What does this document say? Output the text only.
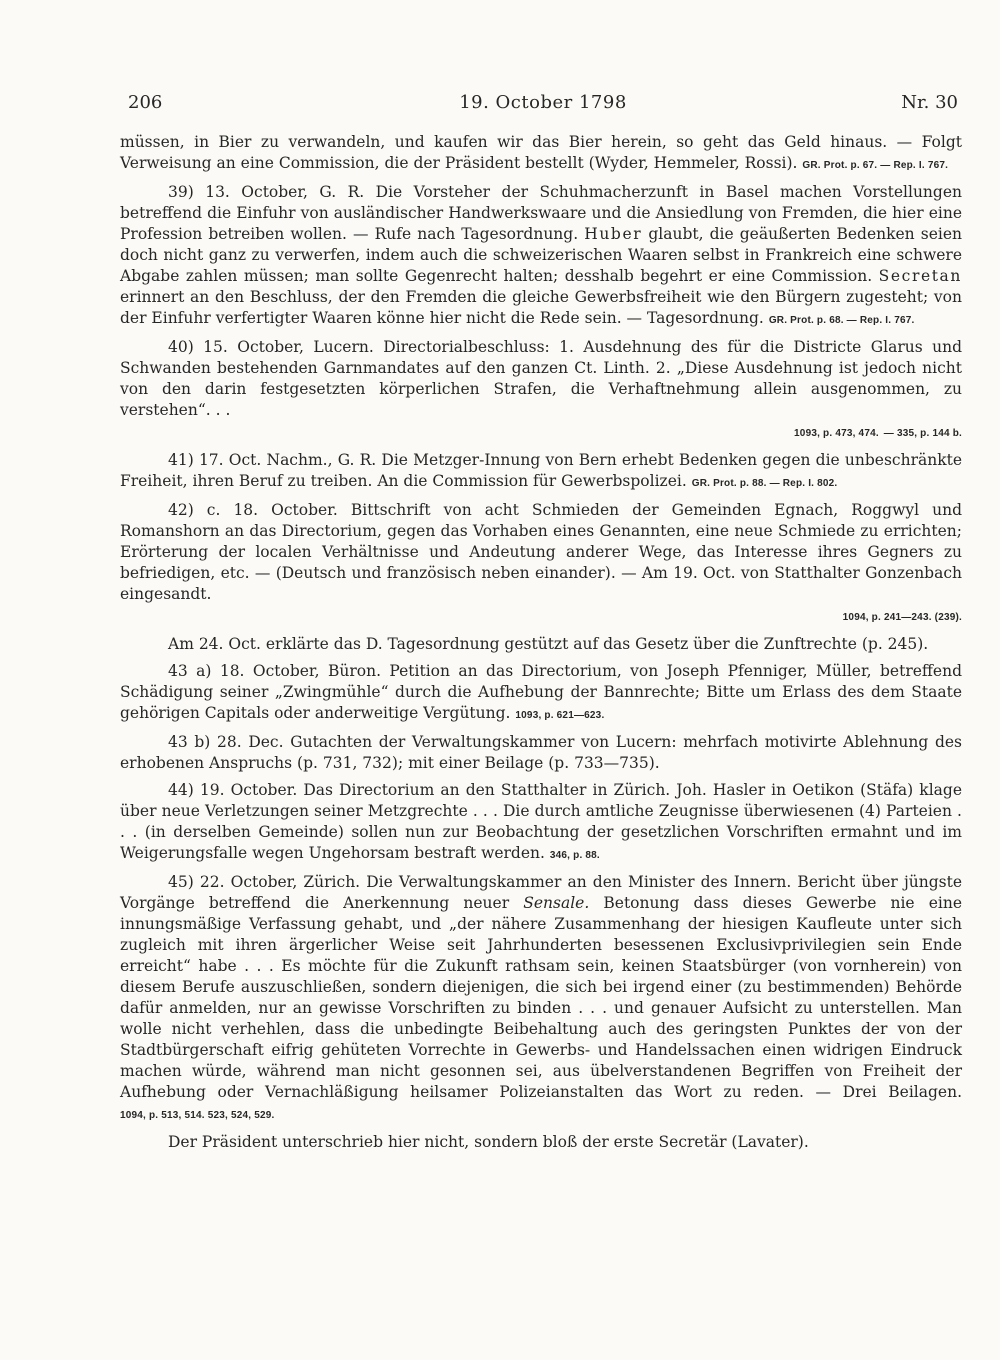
19. October 1798
206	Nr. 30

müssen, in Bier zu verwandeln, und kaufen wir das Bier herein, so geht das Geld hinaus. — Folgt Verweisung an eine Commission, die der Präsident bestellt (Wyder, Hemmeler, Rossi). GR. Prot. p. 67. — Rep. I. 767.

39) 13. October, G. R. Die Vorsteher der Schuhmacherzunft in Basel machen Vorstellungen betreffend die Einfuhr von ausländischer Handwerkswaare und die Ansiedlung von Fremden, die hier eine Profession betreiben wollen. — Rufe nach Tagesordnung. Huber glaubt, die geäußerten Bedenken seien doch nicht ganz zu verwerfen, indem auch die schweizerischen Waaren selbst in Frankreich eine schwere Abgabe zahlen müssen; man sollte Gegenrecht halten; desshalb begehrt er eine Commission. Secretan erinnert an den Beschluss, der den Fremden die gleiche Gewerbsfreiheit wie den Bürgern zugesteht; von der Einfuhr verfertigter Waaren könne hier nicht die Rede sein. — Tagesordnung. GR. Prot. p. 68. — Rep. I. 767.

40) 15. October, Lucern. Directorialbeschluss: 1. Ausdehnung des für die Districte Glarus und Schwanden bestehenden Garnmandates auf den ganzen Ct. Linth. 2. „Diese Ausdehnung ist jedoch nicht von den darin festgesetzten körperlichen Strafen, die Verhaftnehmung allein ausgenommen, zu verstehen“. . .
1093, p. 473, 474. — 335, p. 144 b.

41) 17. Oct. Nachm., G. R. Die Metzger-Innung von Bern erhebt Bedenken gegen die unbeschränkte Freiheit, ihren Beruf zu treiben. An die Commission für Gewerbspolizei. GR. Prot. p. 88. — Rep. I. 802.

42) c. 18. October. Bittschrift von acht Schmieden der Gemeinden Egnach, Roggwyl und Romanshorn an das Directorium, gegen das Vorhaben eines Genannten, eine neue Schmiede zu errichten; Erörterung der localen Verhältnisse und Andeutung anderer Wege, das Interesse ihres Gegners zu befriedigen, etc. — (Deutsch und französisch neben einander). — Am 19. Oct. von Statthalter Gonzenbach eingesandt.
1094, p. 241—243. (239).

Am 24. Oct. erklärte das D. Tagesordnung gestützt auf das Gesetz über die Zunftrechte (p. 245).

43 a) 18. October, Büron. Petition an das Directorium, von Joseph Pfenniger, Müller, betreffend Schädigung seiner „Zwingmühle“ durch die Aufhebung der Bannrechte; Bitte um Erlass des dem Staate gehörigen Capitals oder anderweitige Vergütung. 1093, p. 621—623.

43 b) 28. Dec. Gutachten der Verwaltungskammer von Lucern: mehrfach motivirte Ablehnung des erhobenen Anspruchs (p. 731, 732); mit einer Beilage (p. 733—735).

44) 19. October. Das Directorium an den Statthalter in Zürich. Joh. Hasler in Oetikon (Stäfa) klage über neue Verletzungen seiner Metzgrechte . . . Die durch amtliche Zeugnisse überwiesenen (4) Parteien . . . (in derselben Gemeinde) sollen nun zur Beobachtung der gesetzlichen Vorschriften ermahnt und im Weigerungsfalle wegen Ungehorsam bestraft werden. 346, p. 88.

45) 22. October, Zürich. Die Verwaltungskammer an den Minister des Innern. Bericht über jüngste Vorgänge betreffend die Anerkennung neuer Sensale. Betonung dass dieses Gewerbe nie eine innungsmäßige Verfassung gehabt, und „der nähere Zusammenhang der hiesigen Kaufleute unter sich zugleich mit ihren ärgerlicher Weise seit Jahrhunderten besessenen Exclusivprivilegien sein Ende erreicht“ habe . . . Es möchte für die Zukunft rathsam sein, keinen Staatsbürger (von vornherein) von diesem Berufe auszuschließen, sondern diejenigen, die sich bei irgend einer (zu bestimmenden) Behörde dafür anmelden, nur an gewisse Vorschriften zu binden . . . und genauer Aufsicht zu unterstellen. Man wolle nicht verhehlen, dass die unbedingte Beibehaltung auch des geringsten Punktes der von der Stadtbürgerschaft eifrig gehüteten Vorrechte in Gewerbs- und Handelssachen einen widrigen Eindruck machen würde, während man nicht gesonnen sei, aus übelverstandenen Begriffen von Freiheit der Aufhebung oder Vernachläßigung heilsamer Polizeianstalten das Wort zu reden. — Drei Beilagen. 1094, p. 513, 514. 523, 524, 529.

Der Präsident unterschrieb hier nicht, sondern bloß der erste Secretär (Lavater).
